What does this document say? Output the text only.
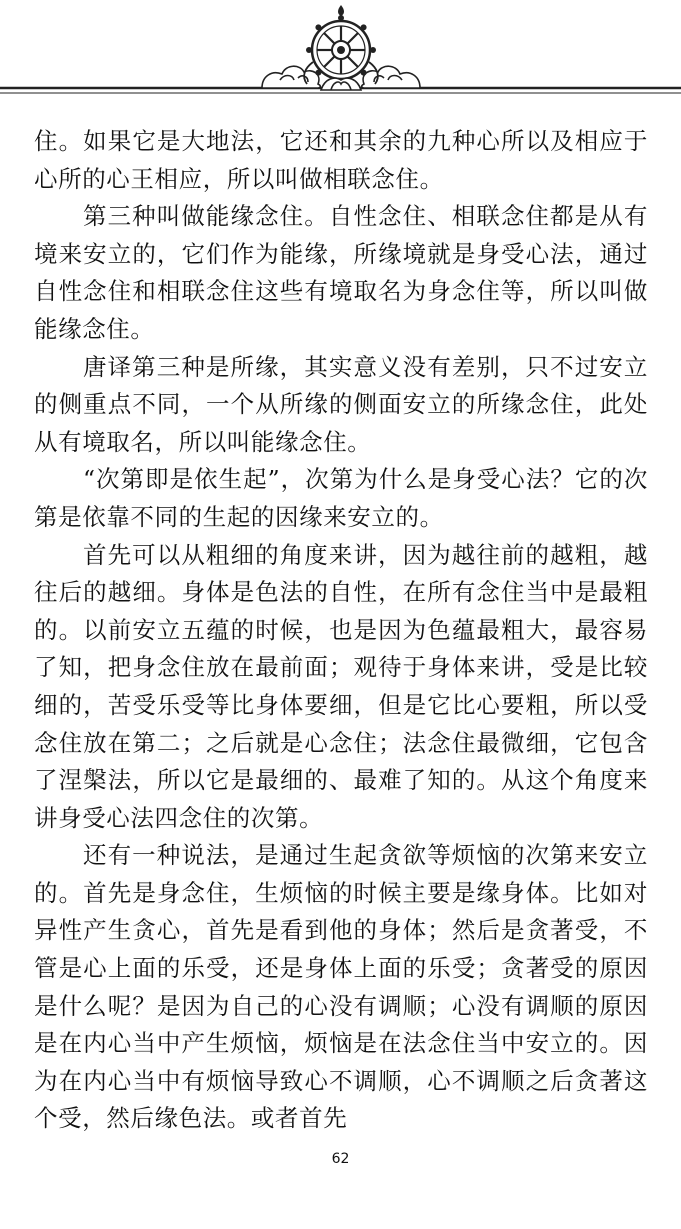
住。如果它是大地法，它还和其余的九种心所以及相应于心所的心王相应，所以叫做相联念住。

第三种叫做能缘念住。自性念住、相联念住都是从有境来安立的，它们作为能缘，所缘境就是身受心法，通过自性念住和相联念住这些有境取名为身念住等，所以叫做能缘念住。

唐译第三种是所缘，其实意义没有差别，只不过安立的侧重点不同，一个从所缘的侧面安立的所缘念住，此处从有境取名，所以叫能缘念住。

“次第即是依生起”，次第为什么是身受心法？它的次第是依靠不同的生起的因缘来安立的。

首先可以从粗细的角度来讲，因为越往前的越粗，越往后的越细。身体是色法的自性，在所有念住当中是最粗的。以前安立五蕴的时候，也是因为色蕴最粗大，最容易了知，把身念住放在最前面；观待于身体来讲，受是比较细的，苦受乐受等比身体要细，但是它比心要粗，所以受念住放在第二；之后就是心念住；法念住最微细，它包含了涅槃法，所以它是最细的、最难了知的。从这个角度来讲身受心法四念住的次第。

还有一种说法，是通过生起贪欲等烦恼的次第来安立的。首先是身念住，生烦恼的时候主要是缘身体。比如对异性产生贪心，首先是看到他的身体；然后是贪著受，不管是心上面的乐受，还是身体上面的乐受；贪著受的原因是什么呢？是因为自己的心没有调顺；心没有调顺的原因是在内心当中产生烦恼，烦恼是在法念住当中安立的。因为在内心当中有烦恼导致心不调顺，心不调顺之后贪著这个受，然后缘色法。或者首先

62
